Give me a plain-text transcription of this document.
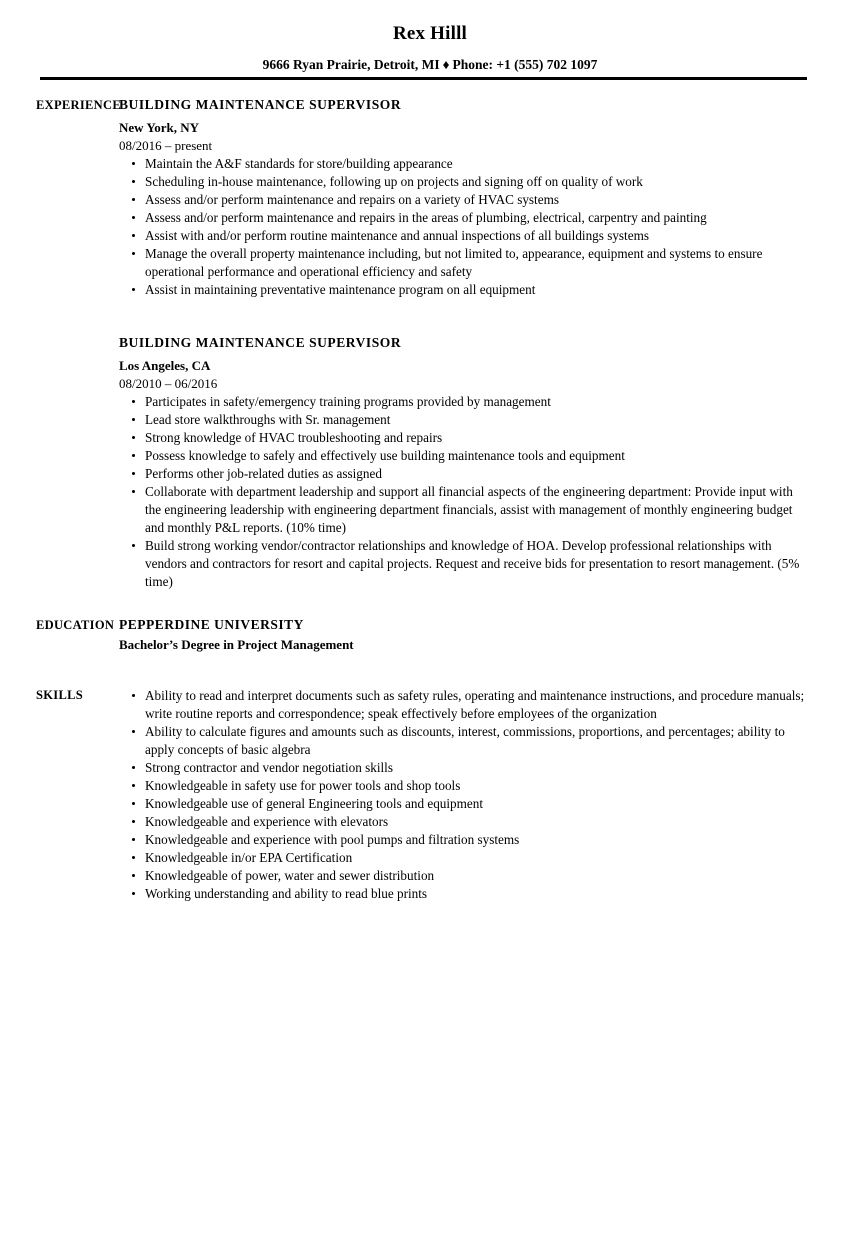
Rex Hilll
9666 Ryan Prairie, Detroit, MI ♦ Phone: +1 (555) 702 1097
EXPERIENCE
BUILDING MAINTENANCE SUPERVISOR
New York, NY
08/2016 – present
Maintain the A&F standards for store/building appearance
Scheduling in-house maintenance, following up on projects and signing off on quality of work
Assess and/or perform maintenance and repairs on a variety of HVAC systems
Assess and/or perform maintenance and repairs in the areas of plumbing, electrical, carpentry and painting
Assist with and/or perform routine maintenance and annual inspections of all buildings systems
Manage the overall property maintenance including, but not limited to, appearance, equipment and systems to ensure operational performance and operational efficiency and safety
Assist in maintaining preventative maintenance program on all equipment
BUILDING MAINTENANCE SUPERVISOR
Los Angeles, CA
08/2010 – 06/2016
Participates in safety/emergency training programs provided by management
Lead store walkthroughs with Sr. management
Strong knowledge of HVAC troubleshooting and repairs
Possess knowledge to safely and effectively use building maintenance tools and equipment
Performs other job-related duties as assigned
Collaborate with department leadership and support all financial aspects of the engineering department: Provide input with the engineering leadership with engineering department financials, assist with management of monthly engineering budget and monthly P&L reports. (10% time)
Build strong working vendor/contractor relationships and knowledge of HOA. Develop professional relationships with vendors and contractors for resort and capital projects. Request and receive bids for presentation to resort management. (5% time)
EDUCATION PEPPERDINE UNIVERSITY
Bachelor’s Degree in Project Management
SKILLS	Ability to read and interpret documents such as safety rules, operating and maintenance instructions, and procedure manuals; write routine reports and correspondence; speak effectively before employees of the organization
Ability to calculate figures and amounts such as discounts, interest, commissions, proportions, and percentages; ability to apply concepts of basic algebra
Strong contractor and vendor negotiation skills
Knowledgeable in safety use for power tools and shop tools
Knowledgeable use of general Engineering tools and equipment
Knowledgeable and experience with elevators
Knowledgeable and experience with pool pumps and filtration systems
Knowledgeable in/or EPA Certification
Knowledgeable of power, water and sewer distribution
Working understanding and ability to read blue prints
